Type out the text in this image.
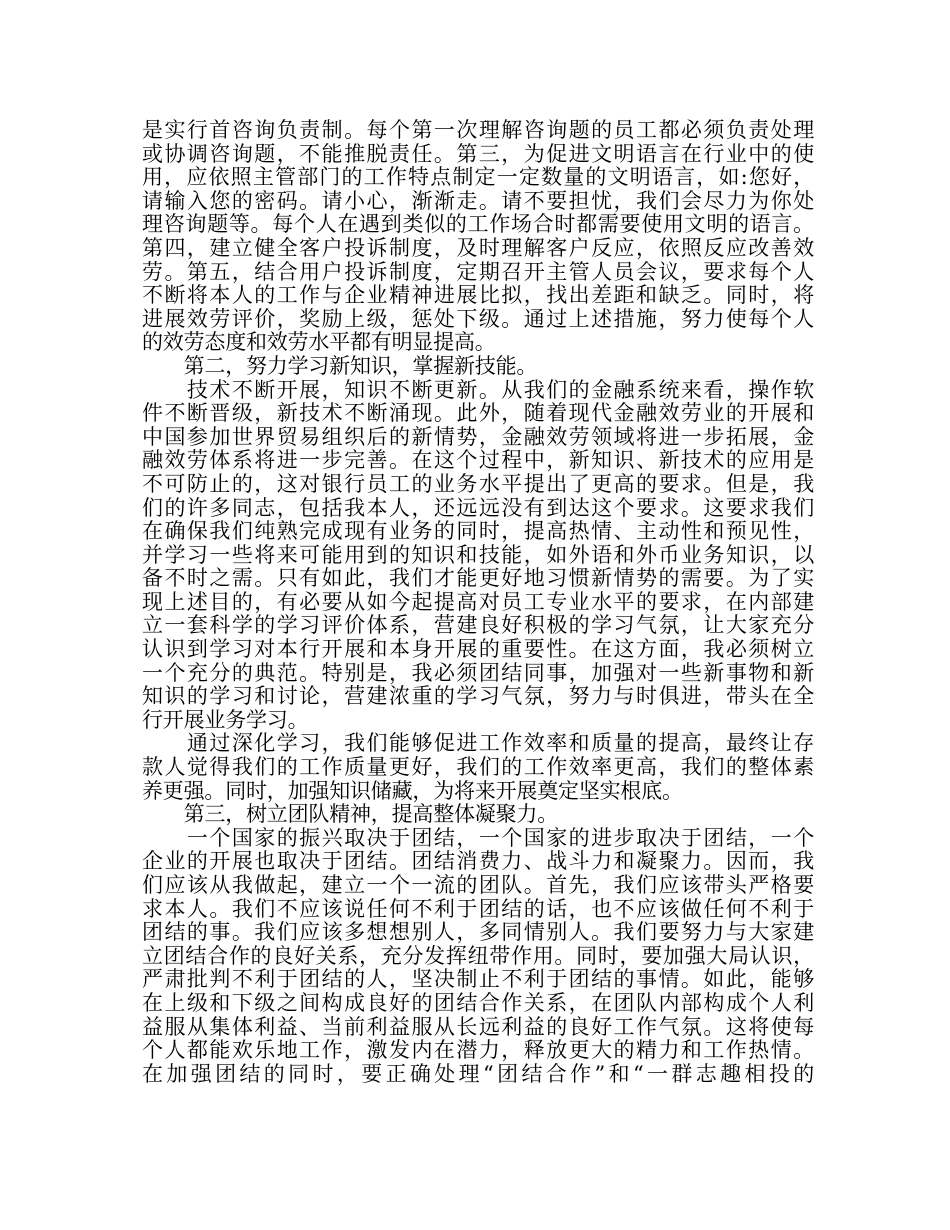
是实行首咨询负责制。每个第一次理解咨询题的员工都必须负责处理
或协调咨询题，不能推脱责任。第三，为促进文明语言在行业中的使
用，应依照主管部门的工作特点制定一定数量的文明语言，如:您好，
请输入您的密码。请小心，渐渐走。请不要担忧，我们会尽力为你处
理咨询题等。每个人在遇到类似的工作场合时都需要使用文明的语言。
第四，建立健全客户投诉制度，及时理解客户反应，依照反应改善效
劳。第五，结合用户投诉制度，定期召开主管人员会议，要求每个人
不断将本人的工作与企业精神进展比拟，找出差距和缺乏。同时，将
进展效劳评价，奖励上级，惩处下级。通过上述措施，努力使每个人
的效劳态度和效劳水平都有明显提高。
　　第二，努力学习新知识，掌握新技能。
　　技术不断开展，知识不断更新。从我们的金融系统来看，操作软
件不断晋级，新技术不断涌现。此外，随着现代金融效劳业的开展和
中国参加世界贸易组织后的新情势，金融效劳领域将进一步拓展，金
融效劳体系将进一步完善。在这个过程中，新知识、新技术的应用是
不可防止的，这对银行员工的业务水平提出了更高的要求。但是，我
们的许多同志，包括我本人，还远远没有到达这个要求。这要求我们
在确保我们纯熟完成现有业务的同时，提高热情、主动性和预见性，
并学习一些将来可能用到的知识和技能，如外语和外币业务知识，以
备不时之需。只有如此，我们才能更好地习惯新情势的需要。为了实
现上述目的，有必要从如今起提高对员工专业水平的要求，在内部建
立一套科学的学习评价体系，营建良好积极的学习气氛，让大家充分
认识到学习对本行开展和本身开展的重要性。在这方面，我必须树立
一个充分的典范。特别是，我必须团结同事，加强对一些新事物和新
知识的学习和讨论，营建浓重的学习气氛，努力与时俱进，带头在全
行开展业务学习。
　　通过深化学习，我们能够促进工作效率和质量的提高，最终让存
款人觉得我们的工作质量更好，我们的工作效率更高，我们的整体素
养更强。同时，加强知识储藏，为将来开展奠定坚实根底。
　　第三，树立团队精神，提高整体凝聚力。
　　一个国家的振兴取决于团结，一个国家的进步取决于团结，一个
企业的开展也取决于团结。团结消费力、战斗力和凝聚力。因而，我
们应该从我做起，建立一个一流的团队。首先，我们应该带头严格要
求本人。我们不应该说任何不利于团结的话，也不应该做任何不利于
团结的事。我们应该多想想别人，多同情别人。我们要努力与大家建
立团结合作的良好关系，充分发挥纽带作用。同时，要加强大局认识，
严肃批判不利于团结的人，坚决制止不利于团结的事情。如此，能够
在上级和下级之间构成良好的团结合作关系，在团队内部构成个人利
益服从集体利益、当前利益服从长远利益的良好工作气氛。这将使每
个人都能欢乐地工作，激发内在潜力，释放更大的精力和工作热情。
在加强团结的同时，要正确处理“团结合作”和“一群志趣相投的
